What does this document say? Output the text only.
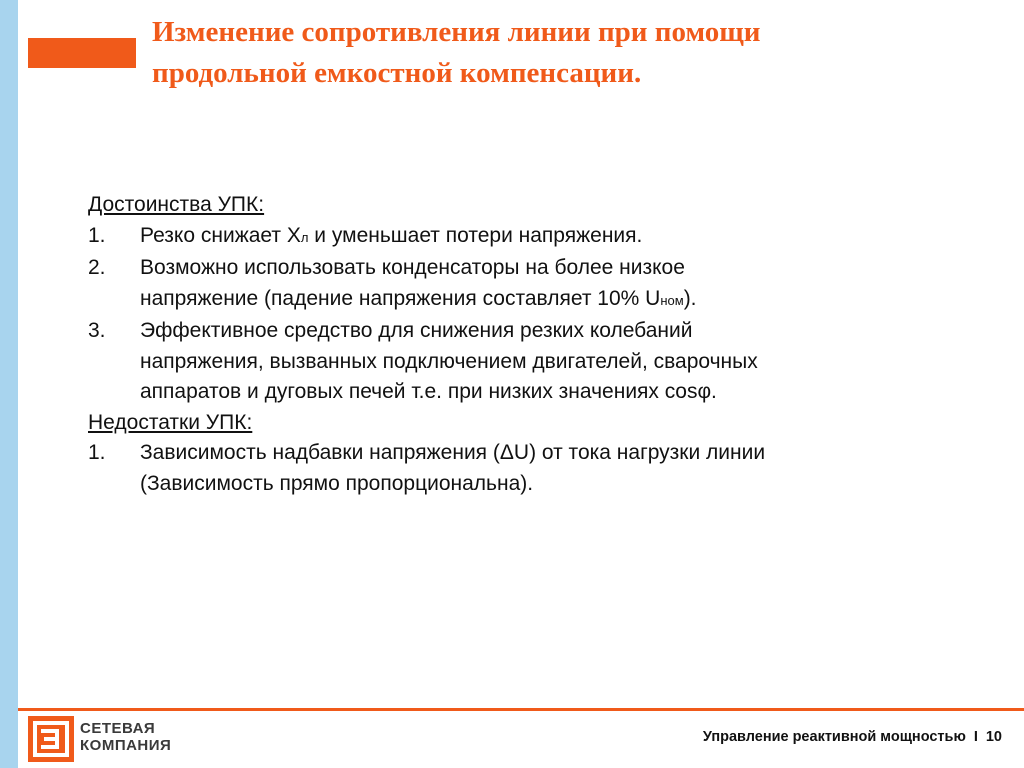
Изменение сопротивления линии при помощи
продольной емкостной компенсации.

Достоинства УПК:

1. Резко снижает Xл и уменьшает потери напряжения.
2. Возможно использовать конденсаторы на более низкое
напряжение (падение напряжения составляет 10% Uном).
3. Эффективное средство для снижения резких колебаний
напряжения, вызванных подключением двигателей, сварочных
аппаратов и дуговых печей т.е. при низких значениях cosφ.

Недостатки УПК:

1. Зависимость надбавки напряжения (ΔU) от тока нагрузки линии
(Зависимость прямо пропорциональна).
СЕТЕВАЯ
КОМПАНИЯ	Управление реактивной мощностью I 10
